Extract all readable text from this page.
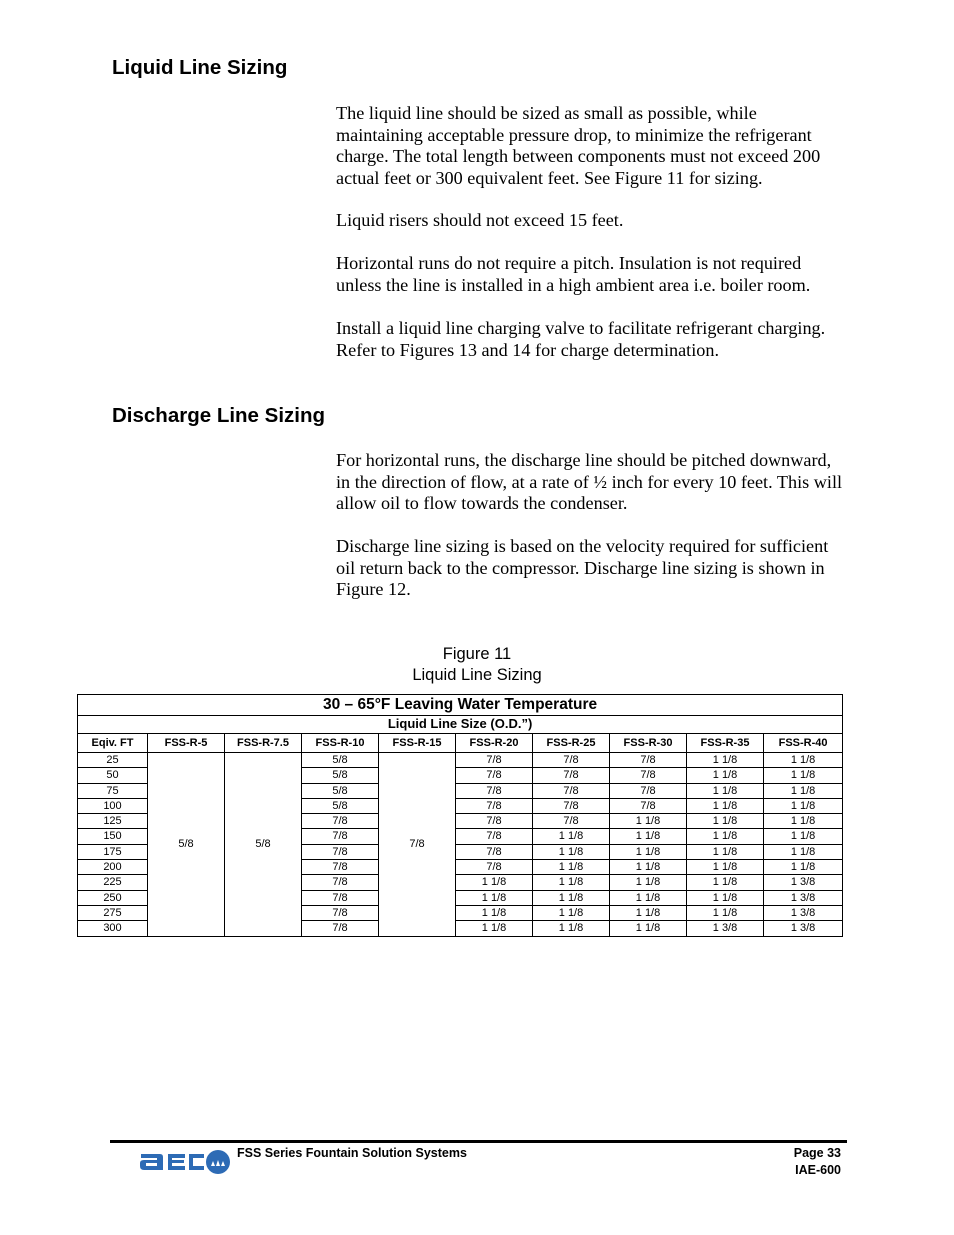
Liquid Line Sizing

The liquid line should be sized as small as possible, while maintaining acceptable pressure drop, to minimize the refrigerant charge. The total length between components must not exceed 200 actual feet or 300 equivalent feet. See Figure 11 for sizing.

Liquid risers should not exceed 15 feet.

Horizontal runs do not require a pitch. Insulation is not required unless the line is installed in a high ambient area i.e. boiler room.

Install a liquid line charging valve to facilitate refrigerant charging. Refer to Figures 13 and 14 for charge determination.

Discharge Line Sizing

For horizontal runs, the discharge line should be pitched downward, in the direction of flow, at a rate of ½ inch for every 10 feet. This will allow oil to flow towards the condenser.

Discharge line sizing is based on the velocity required for sufficient oil return back to the compressor. Discharge line sizing is shown in Figure 12.

Figure 11
Liquid Line Sizing
30 – 65°F Leaving Water Temperature									
Liquid Line Size (O.D.”)									
Eqiv. FT	FSS-R-5	FSS-R-7.5	FSS-R-10	FSS-R-15	FSS-R-20	FSS-R-25	FSS-R-30	FSS-R-35	FSS-R-40
25	5/8	5/8	5/8	7/8	7/8	7/8	7/8	1 1/8	1 1/8
50			5/8		7/8	7/8	7/8	1 1/8	1 1/8
75			5/8		7/8	7/8	7/8	1 1/8	1 1/8
100			5/8		7/8	7/8	7/8	1 1/8	1 1/8
125			7/8		7/8	7/8	1 1/8	1 1/8	1 1/8
150			7/8		7/8	1 1/8	1 1/8	1 1/8	1 1/8
175			7/8		7/8	1 1/8	1 1/8	1 1/8	1 1/8
200			7/8		7/8	1 1/8	1 1/8	1 1/8	1 1/8
225			7/8		1 1/8	1 1/8	1 1/8	1 1/8	1 3/8
250			7/8		1 1/8	1 1/8	1 1/8	1 1/8	1 3/8
275			7/8		1 1/8	1 1/8	1 1/8	1 1/8	1 3/8
300			7/8		1 1/8	1 1/8	1 1/8	1 3/8	1 3/8
FSS Series Fountain Solution Systems	Page 33
IAE-600
